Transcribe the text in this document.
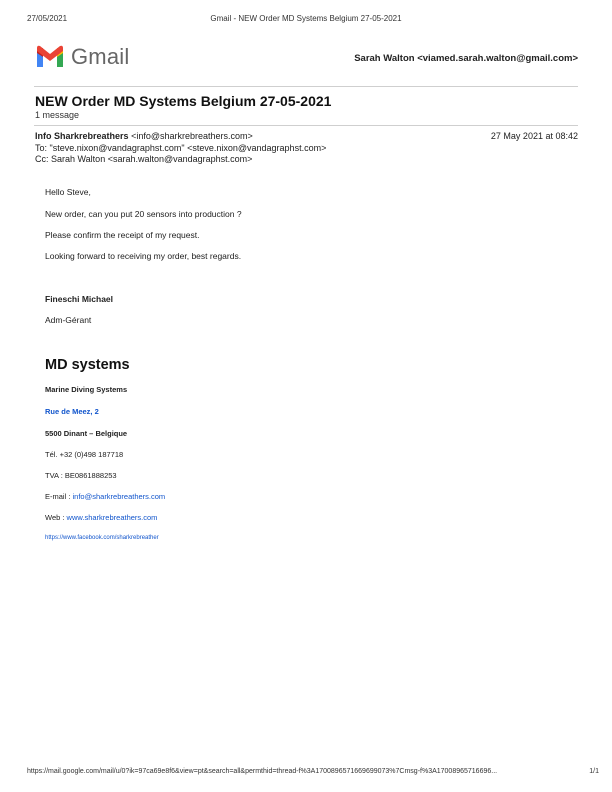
27/05/2021	Gmail - NEW Order MD Systems Belgium 27-05-2021
Gmail	Sarah Walton <viamed.sarah.walton@gmail.com>
NEW Order MD Systems Belgium 27-05-2021
1 message
Info Sharkrebreathers <info@sharkrebreathers.com>	27 May 2021 at 08:42
To: "steve.nixon@vandagraphst.com" <steve.nixon@vandagraphst.com>
Cc: Sarah Walton <sarah.walton@vandagraphst.com>
Hello Steve,
New order, can you put 20 sensors into production ?
Please confirm the receipt of my request.
Looking forward to receiving my order, best regards.
Fineschi Michael
Adm-Gérant
MD systems
Marine Diving Systems
Rue de Meez, 2
5500 Dinant – Belgique
Tél. +32 (0)498 187718
TVA : BE0861888253
E-mail : info@sharkrebreathers.com
Web : www.sharkrebreathers.com
https://www.facebook.com/sharkrebreather
https://mail.google.com/mail/u/0?ik=97ca69e8f6&view=pt&search=all&permthid=thread-f%3A1700896571669699073%7Cmsg-f%3A17008965716696...	1/1
